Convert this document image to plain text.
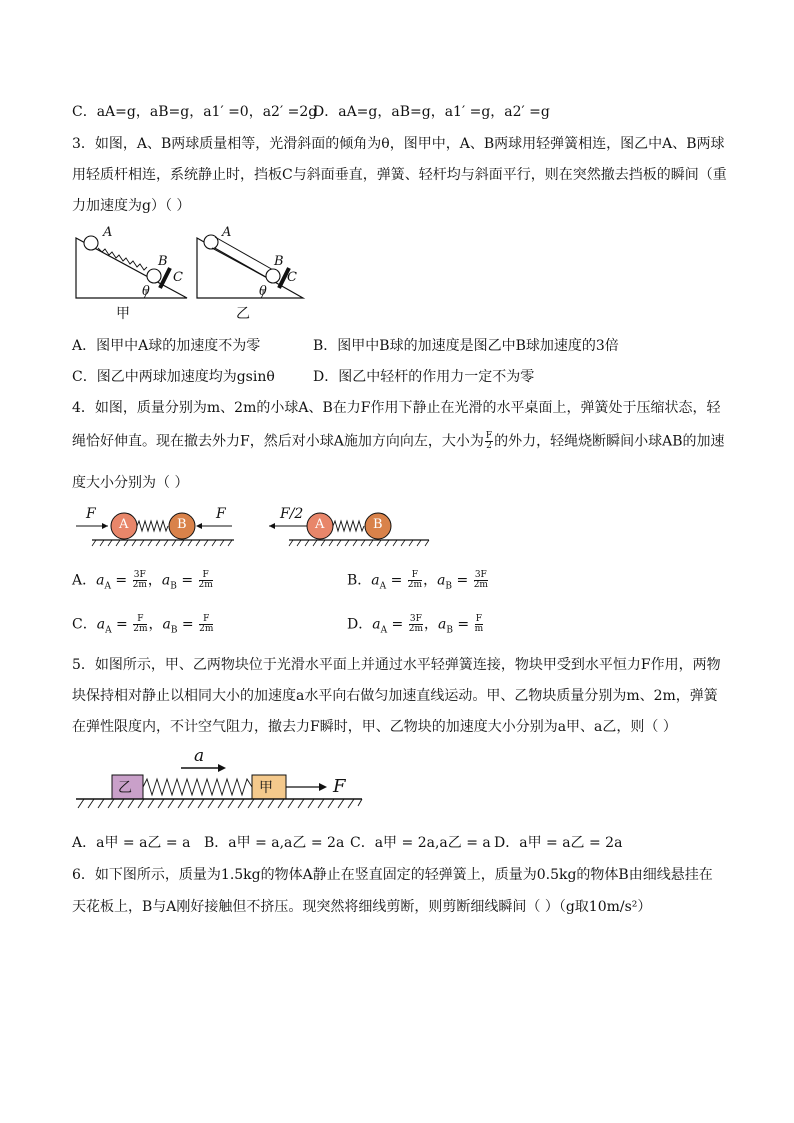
C．aA=g，aB=g，a1′ =0，a2′ =2g
D．aA=g，aB=g，a1′ =g，a2′ =g
3．如图，A、B两球质量相等，光滑斜面的倾角为θ，图甲中，A、B两球用轻弹簧相连，图乙中A、B两球
用轻质杆相连，系统静止时，挡板C与斜面垂直，弹簧、轻杆均与斜面平行，则在突然撤去挡板的瞬间（重
力加速度为g）（ ）
A
B
C
θ
甲
A
B
C
θ
乙
A．图甲中A球的加速度不为零	B．图甲中B球的加速度是图乙中B球加速度的3倍
C．图乙中两球加速度均为gsinθ	D．图乙中轻杆的作用力一定不为零
4．如图，质量分别为m、2m的小球A、B在力F作用下静止在光滑的水平桌面上，弹簧处于压缩状态，轻
绳恰好伸直。现在撤去外力F，然后对小球A施加方向向左，大小为 $\frac{F}{2}$ 的外力，轻绳烧断瞬间小球AB的加速
度大小分别为（ ）
F
A	B
F	F/2
A	B
A．$a_A = \frac{3F}{2m}$ ，$a_B = \frac{F}{2m}$	B．$a_A = \frac{F}{2m}$ ，$a_B = \frac{3F}{2m}$
C．$a_A = \frac{F}{2m}$ ，$a_B = \frac{F}{2m}$	D．$a_A = \frac{3F}{2m}$ ，$a_B = \frac{F}{m}$
5．如图所示，甲、乙两物块位于光滑水平面上并通过水平轻弹簧连接，物块甲受到水平恒力F作用，两物
块保持相对静止以相同大小的加速度a水平向右做匀加速直线运动。甲、乙物块质量分别为m、2m，弹簧
在弹性限度内，不计空气阻力，撤去力F瞬时，甲、乙物块的加速度大小分别为a甲、a乙，则（ ）
a
乙	甲	F
A．a甲 = a乙 = a B．a甲 = a,a乙 = 2a C．a甲 = 2a,a乙 = a D．a甲 = a乙 = 2a
6．如下图所示，质量为1.5kg的物体A静止在竖直固定的轻弹簧上，质量为0.5kg的物体B由细线悬挂在
天花板上，B与A刚好接触但不挤压。现突然将细线剪断，则剪断细线瞬间（ ）（g取10m/s²）
